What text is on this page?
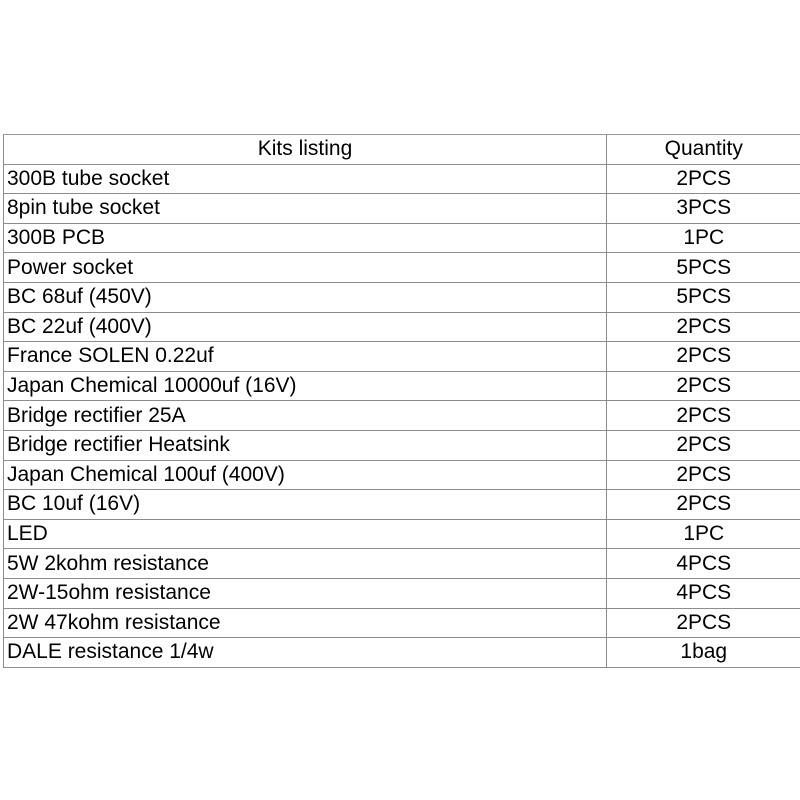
Kits listing	Quantity
300B tube socket	2PCS
8pin tube socket	3PCS
300B PCB	1PC
Power socket	5PCS
BC 68uf (450V)	5PCS
BC 22uf (400V)	2PCS
France SOLEN 0.22uf	2PCS
Japan Chemical 10000uf (16V)	2PCS
Bridge rectifier 25A	2PCS
Bridge rectifier Heatsink	2PCS
Japan Chemical 100uf (400V)	2PCS
BC 10uf (16V)	2PCS
LED	1PC
5W 2kohm resistance	4PCS
2W-15ohm resistance	4PCS
2W 47kohm resistance	2PCS
DALE resistance 1/4w	1bag
